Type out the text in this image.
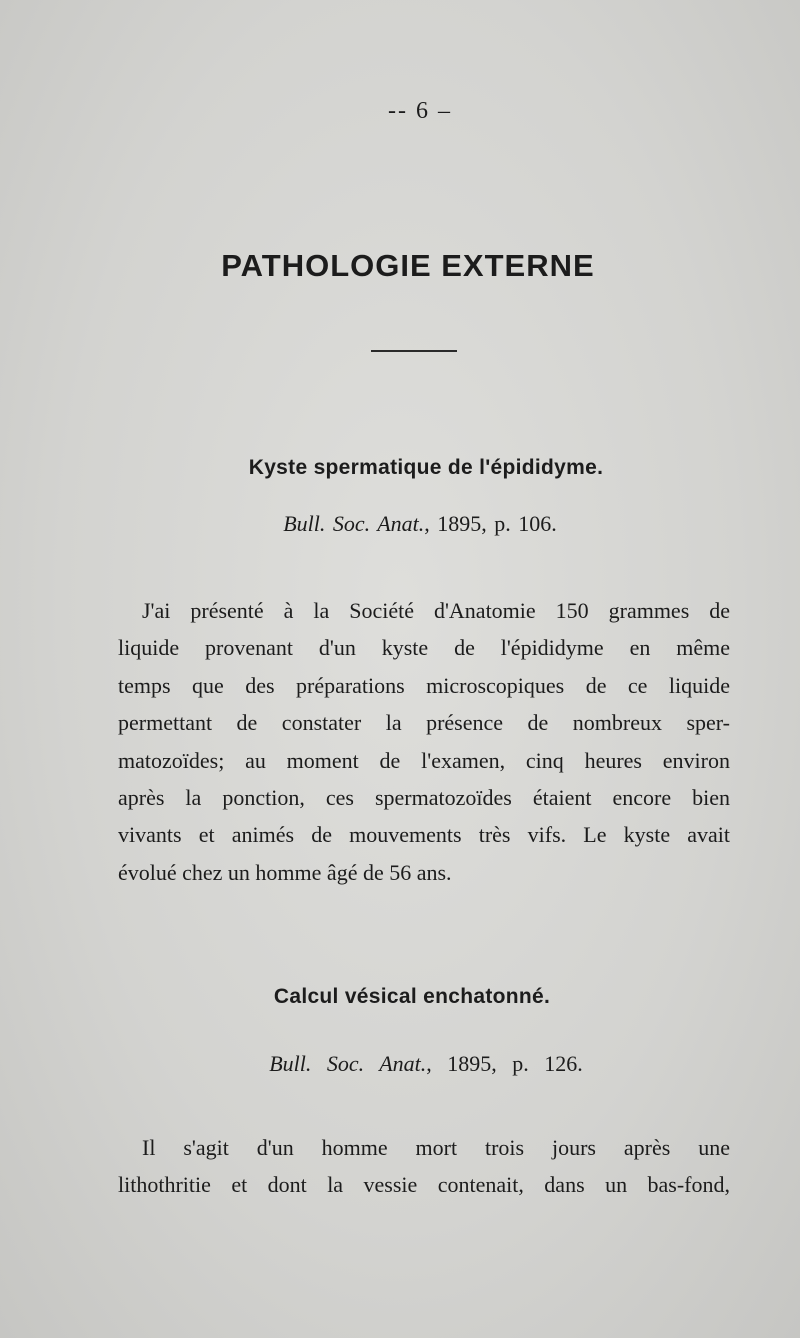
-- 6 –
PATHOLOGIE EXTERNE
Kyste spermatique de l'épididyme.
Bull. Soc. Anat., 1895, p. 106.
J'ai présenté à la Société d'Anatomie 150 grammes de
liquide provenant d'un kyste de l'épididyme en même
temps que des préparations microscopiques de ce liquide
permettant de constater la présence de nombreux sper-
matozoïdes; au moment de l'examen, cinq heures environ
après la ponction, ces spermatozoïdes étaient encore bien
vivants et animés de mouvements très vifs. Le kyste avait
évolué chez un homme âgé de 56 ans.
Calcul vésical enchatonné.
Bull. Soc. Anat., 1895, p. 126.
Il s'agit d'un homme mort trois jours après une
lithothritie et dont la vessie contenait, dans un bas-fond,
